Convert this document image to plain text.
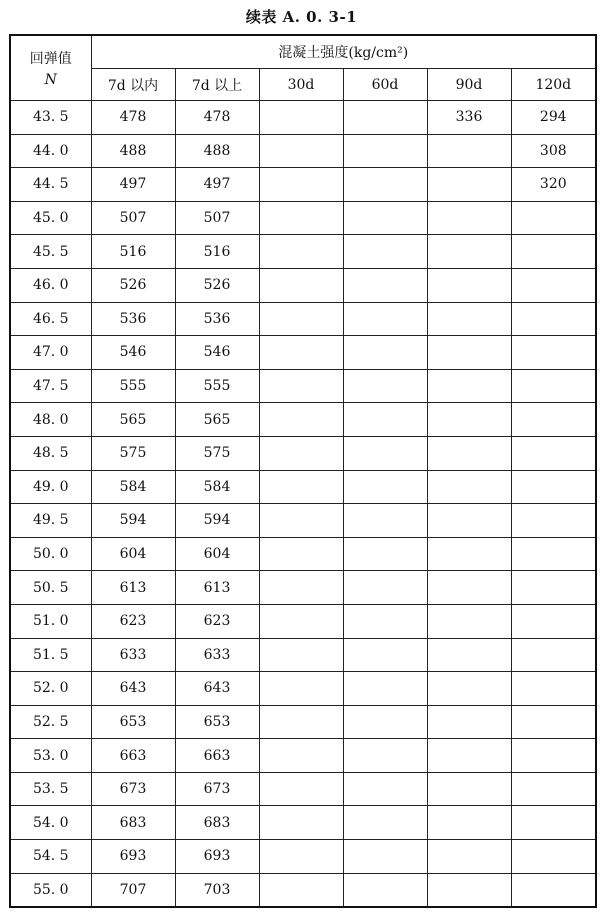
续表 A. 0. 3-1
回弹值
N	混凝土强度(kg/cm²)					
	7d 以内	7d 以上	30d	60d	90d	120d
43. 5	478	478			336	294
44. 0	488	488				308
44. 5	497	497				320
45. 0	507	507				
45. 5	516	516				
46. 0	526	526				
46. 5	536	536				
47. 0	546	546				
47. 5	555	555				
48. 0	565	565				
48. 5	575	575				
49. 0	584	584				
49. 5	594	594				
50. 0	604	604				
50. 5	613	613				
51. 0	623	623				
51. 5	633	633				
52. 0	643	643				
52. 5	653	653				
53. 0	663	663				
53. 5	673	673				
54. 0	683	683				
54. 5	693	693				
55. 0	707	703				
